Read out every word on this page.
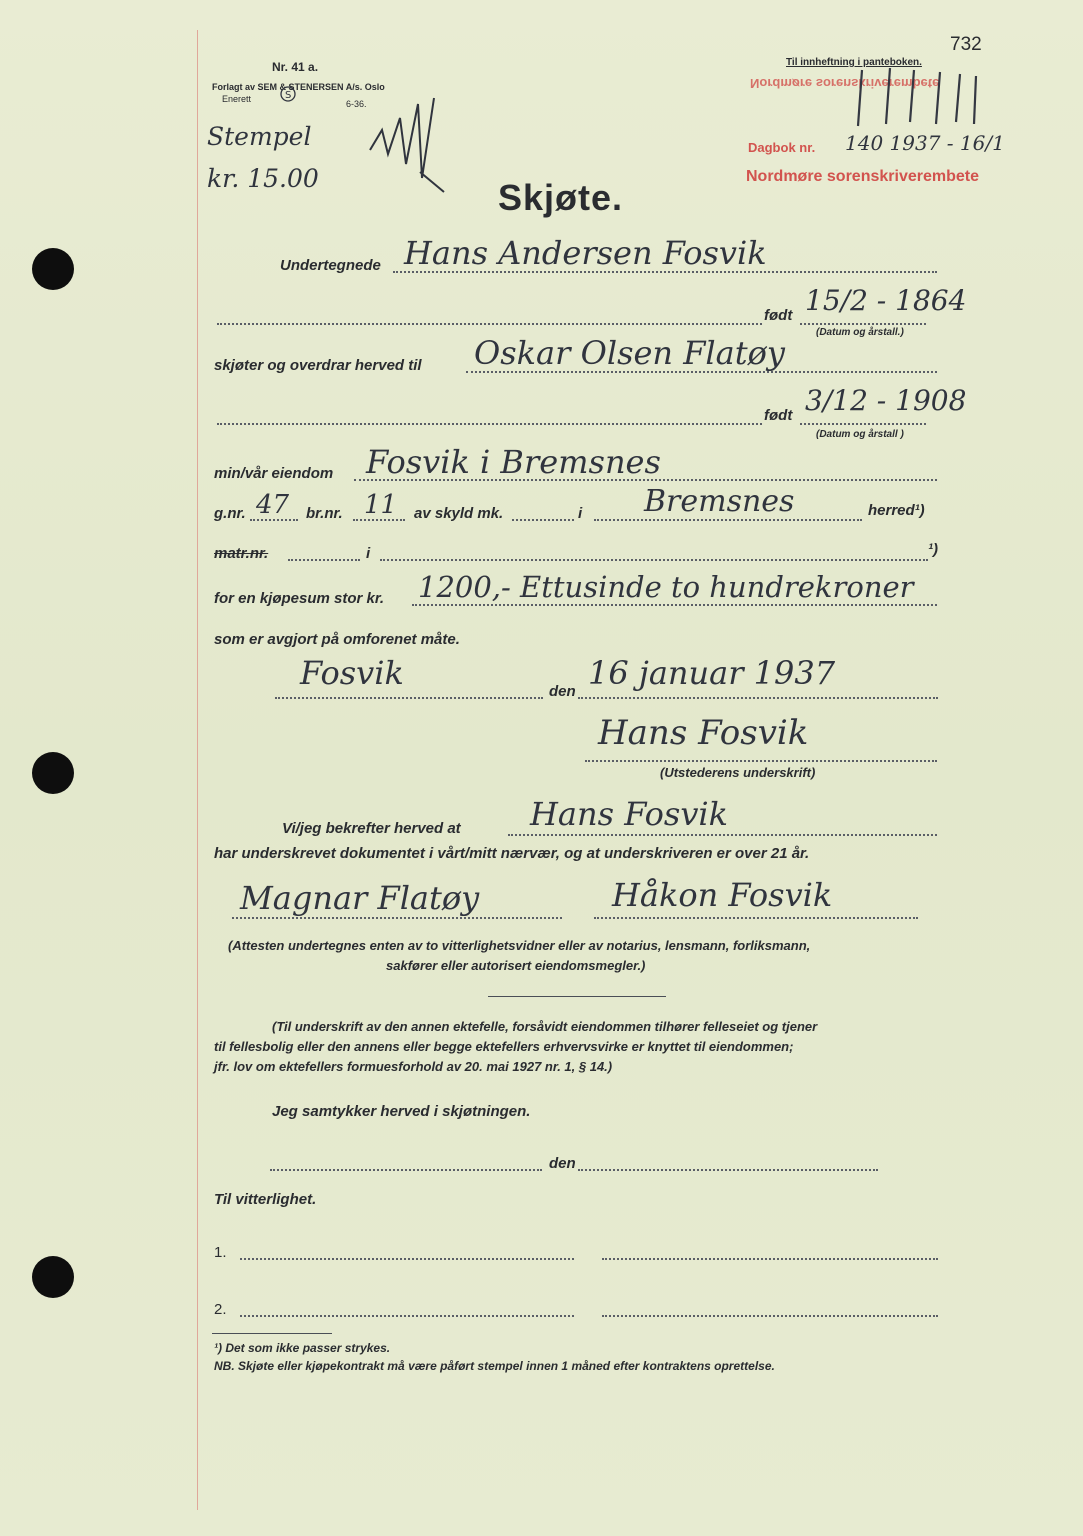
732
Nr. 41 a.
Forlagt av SEM & STENERSEN A/s. Oslo
Enerett	S
6-36.
Til innheftning i panteboken.
Nordmøre sorenskriverembete
Dagbok nr. 140 1937 - 16/1
Nordmøre sorenskriverembete
Stempel
kr. 15.00	Skjøte.
Undertegnede Hans Andersen Fosvik
født 15/2 - 1864
(Datum og årstall.)
skjøter og overdrar herved til Oskar Olsen Flatøy
født 3/12 - 1908
(Datum og årstall )
min/vår eiendom Fosvik i Bremsnes
g.nr. 47 br.nr. 11 av skyld mk.	i Bremsnes	herred¹)
matr.nr.	i	¹)
for en kjøpesum stor kr. 1200,- Ettusinde to hundrekroner
som er avgjort på omforenet måte.
Fosvik	den 16 januar 1937
Hans Fosvik
(Utstederens underskrift)
Vi/jeg bekrefter herved at Hans Fosvik
har underskrevet dokumentet i vårt/mitt nærvær, og at underskriveren er over 21 år.
Magnar Flatøy	Håkon Fosvik
(Attesten undertegnes enten av to vitterlighetsvidner eller av notarius, lensmann, forliksmann,
sakfører eller autorisert eiendomsmegler.)
(Til underskrift av den annen ektefelle, forsåvidt eiendommen tilhører felleseiet og tjener
til fellesbolig eller den annens eller begge ektefellers erhvervsvirke er knyttet til eiendommen;
jfr. lov om ektefellers formuesforhold av 20. mai 1927 nr. 1, § 14.)
Jeg samtykker herved i skjøtningen.
den
Til vitterlighet.
1.
2.
¹) Det som ikke passer strykes.
NB. Skjøte eller kjøpekontrakt må være påført stempel innen 1 måned efter kontraktens oprettelse.
